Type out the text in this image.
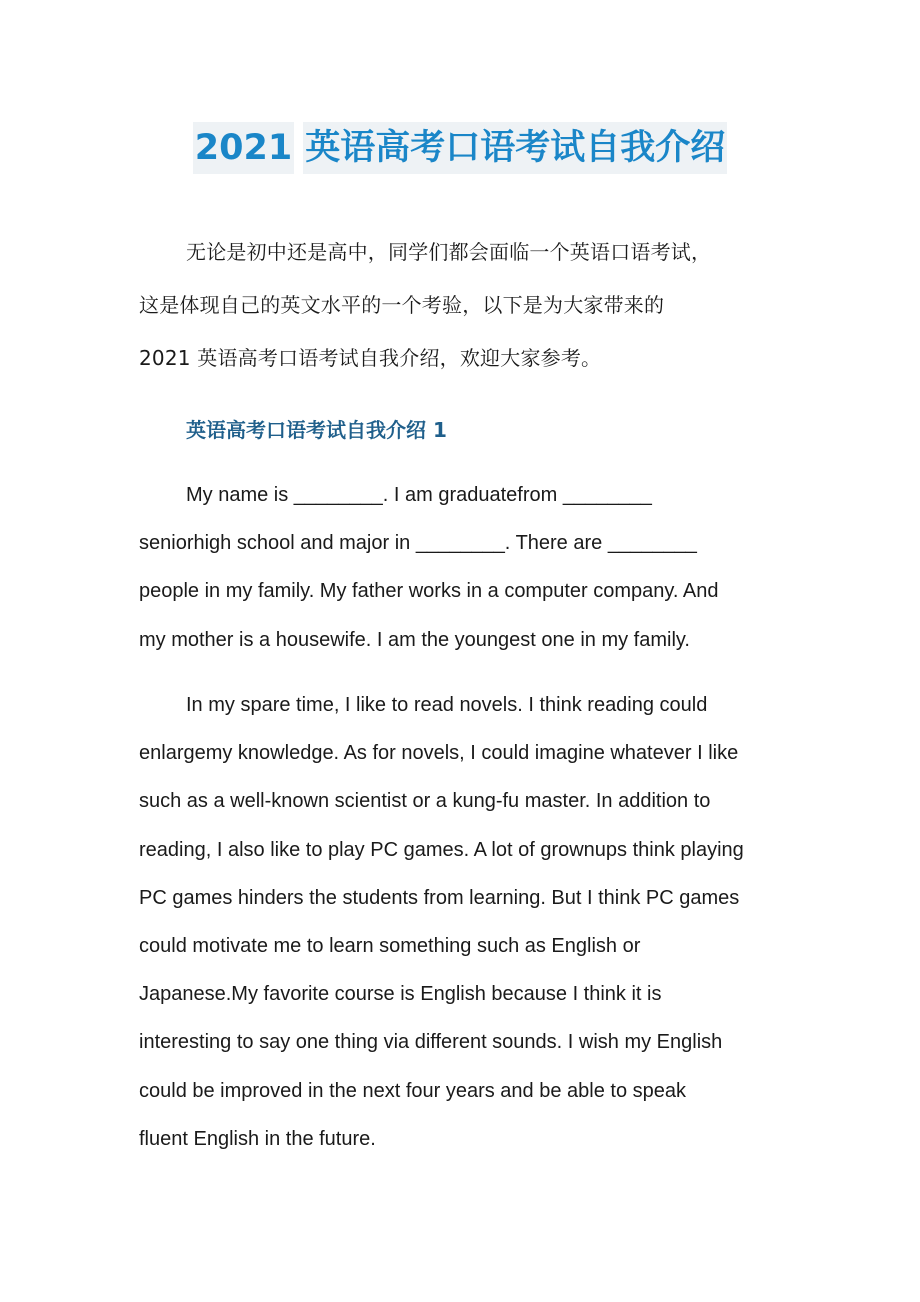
2021 英语高考口语考试自我介绍

无论是初中还是高中，同学们都会面临一个英语口语考试，
这是体现自己的英文水平的一个考验，以下是为大家带来的
2021 英语高考口语考试自我介绍，欢迎大家参考。

英语高考口语考试自我介绍 1

My name is ________. I am graduatefrom ________
seniorhigh school and major in ________. There are ________
people in my family. My father works in a computer company. And
my mother is a housewife. I am the youngest one in my family.

In my spare time, I like to read novels. I think reading could
enlargemy knowledge. As for novels, I could imagine whatever I like
such as a well-known scientist or a kung-fu master. In addition to
reading, I also like to play PC games. A lot of grownups think playing
PC games hinders the students from learning. But I think PC games
could motivate me to learn something such as English or
Japanese.My favorite course is English because I think it is
interesting to say one thing via different sounds. I wish my English
could be improved in the next four years and be able to speak
fluent English in the future.
